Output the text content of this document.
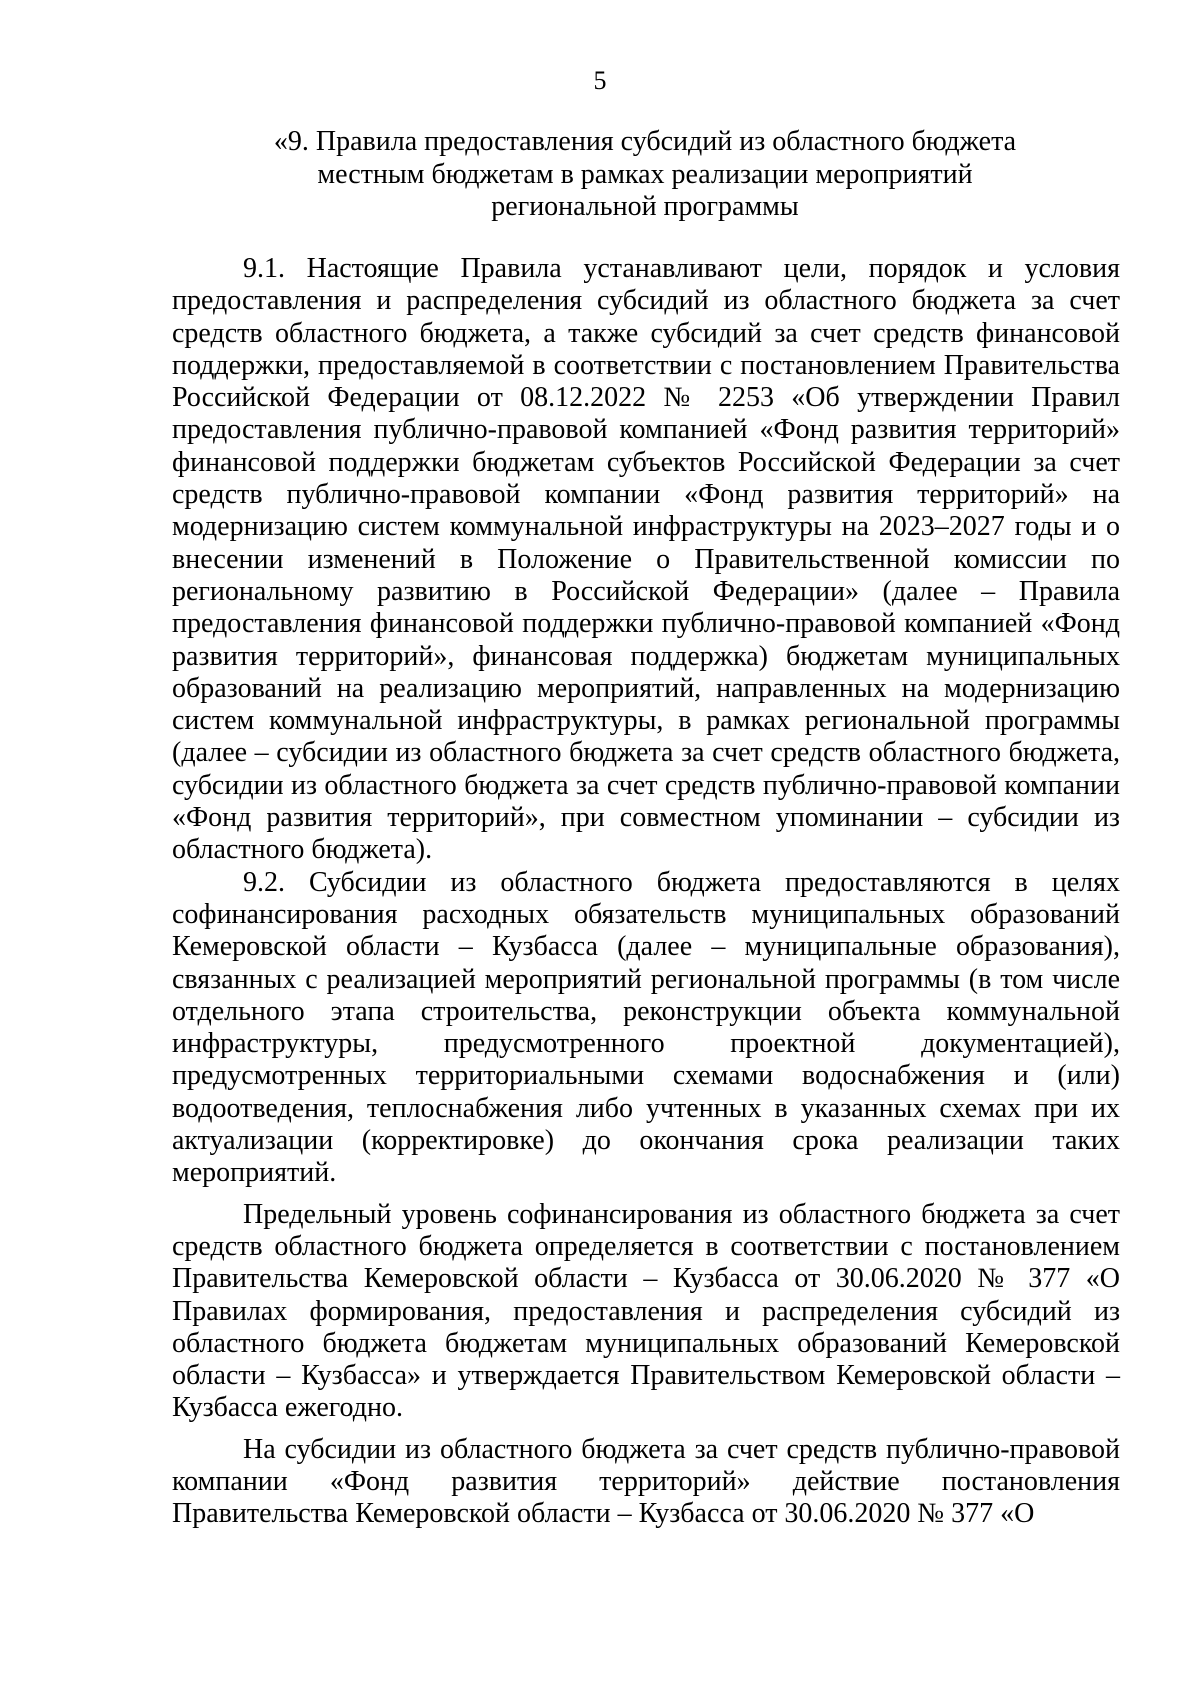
5
«9. Правила предоставления субсидий из областного бюджета
местным бюджетам в рамках реализации мероприятий
региональной программы

9.1. Настоящие Правила устанавливают цели, порядок и условия предоставления и распределения субсидий из областного бюджета за счет средств областного бюджета, а также субсидий за счет средств финансовой поддержки, предоставляемой в соответствии с постановлением Правительства Российской Федерации от 08.12.2022 № 2253 «Об утверждении Правил предоставления публично-правовой компанией «Фонд развития территорий» финансовой поддержки бюджетам субъектов Российской Федерации за счет средств публично-правовой компании «Фонд развития территорий» на модернизацию систем коммунальной инфраструктуры на 2023–2027 годы и о внесении изменений в Положение о Правительственной комиссии по региональному развитию в Российской Федерации» (далее – Правила предоставления финансовой поддержки публично-правовой компанией «Фонд развития территорий», финансовая поддержка) бюджетам муниципальных образований на реализацию мероприятий, направленных на модернизацию систем коммунальной инфраструктуры, в рамках региональной программы (далее – субсидии из областного бюджета за счет средств областного бюджета, субсидии из областного бюджета за счет средств публично-правовой компании «Фонд развития территорий», при совместном упоминании – субсидии из областного бюджета).

9.2. Субсидии из областного бюджета предоставляются в целях софинансирования расходных обязательств муниципальных образований Кемеровской области – Кузбасса (далее – муниципальные образования), связанных с реализацией мероприятий региональной программы (в том числе отдельного этапа строительства, реконструкции объекта коммунальной инфраструктуры, предусмотренного проектной документацией), предусмотренных территориальными схемами водоснабжения и (или) водоотведения, теплоснабжения либо учтенных в указанных схемах при их актуализации (корректировке) до окончания срока реализации таких мероприятий.

Предельный уровень софинансирования из областного бюджета за счет средств областного бюджета определяется в соответствии с постановлением Правительства Кемеровской области – Кузбасса от 30.06.2020 № 377 «О Правилах формирования, предоставления и распределения субсидий из областного бюджета бюджетам муниципальных образований Кемеровской области – Кузбасса» и утверждается Правительством Кемеровской области – Кузбасса ежегодно.

На субсидии из областного бюджета за счет средств публично-правовой компании «Фонд развития территорий» действие постановления Правительства Кемеровской области – Кузбасса от 30.06.2020 № 377 «О
